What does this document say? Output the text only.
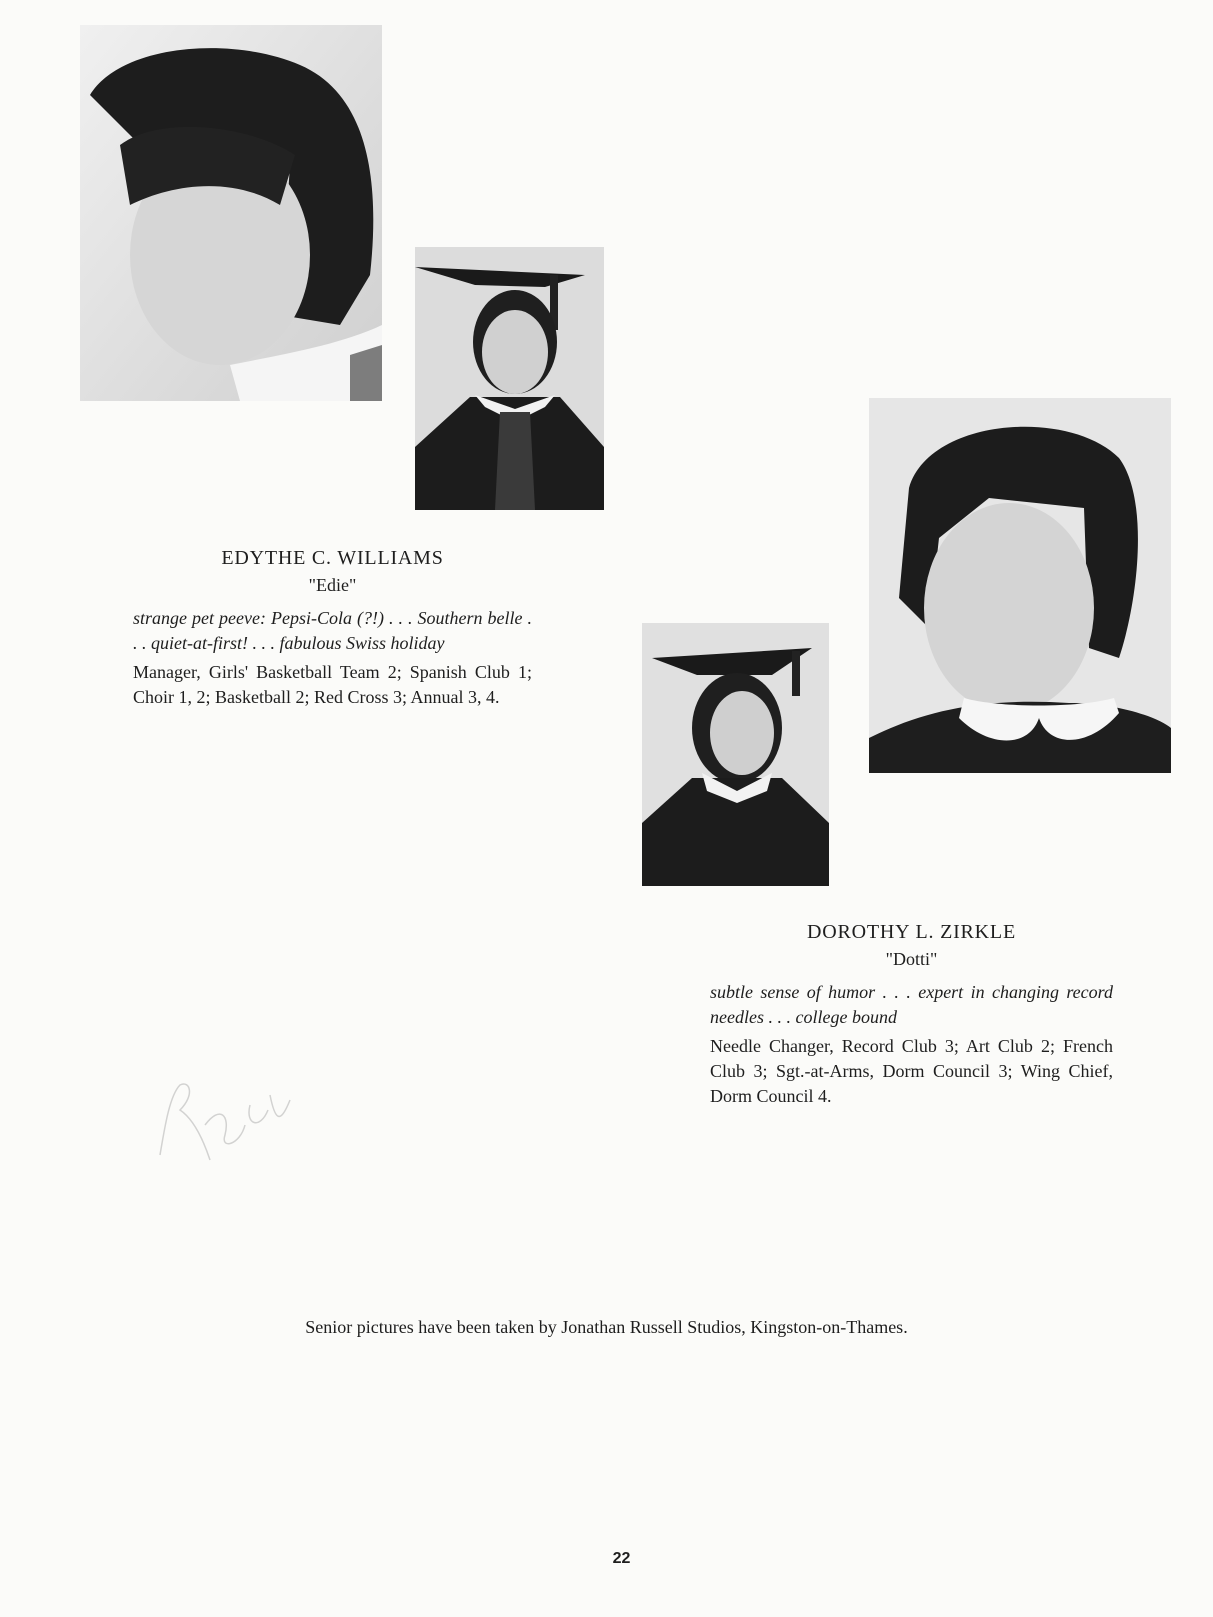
EDYTHE C. WILLIAMS
"Edie"
strange pet peeve: Pepsi-Cola (?!) . . . Southern belle . . . quiet-at-first! . . . fabulous Swiss holiday
Manager, Girls' Basketball Team 2; Spanish Club 1; Choir 1, 2; Basketball 2; Red Cross 3; Annual 3, 4.
DOROTHY L. ZIRKLE
"Dotti"
subtle sense of humor . . . expert in changing record needles . . . college bound
Needle Changer, Record Club 3; Art Club 2; French Club 3; Sgt.-at-Arms, Dorm Council 3; Wing Chief, Dorm Council 4.
Senior pictures have been taken by Jonathan Russell Studios, Kingston-on-Thames.
22
